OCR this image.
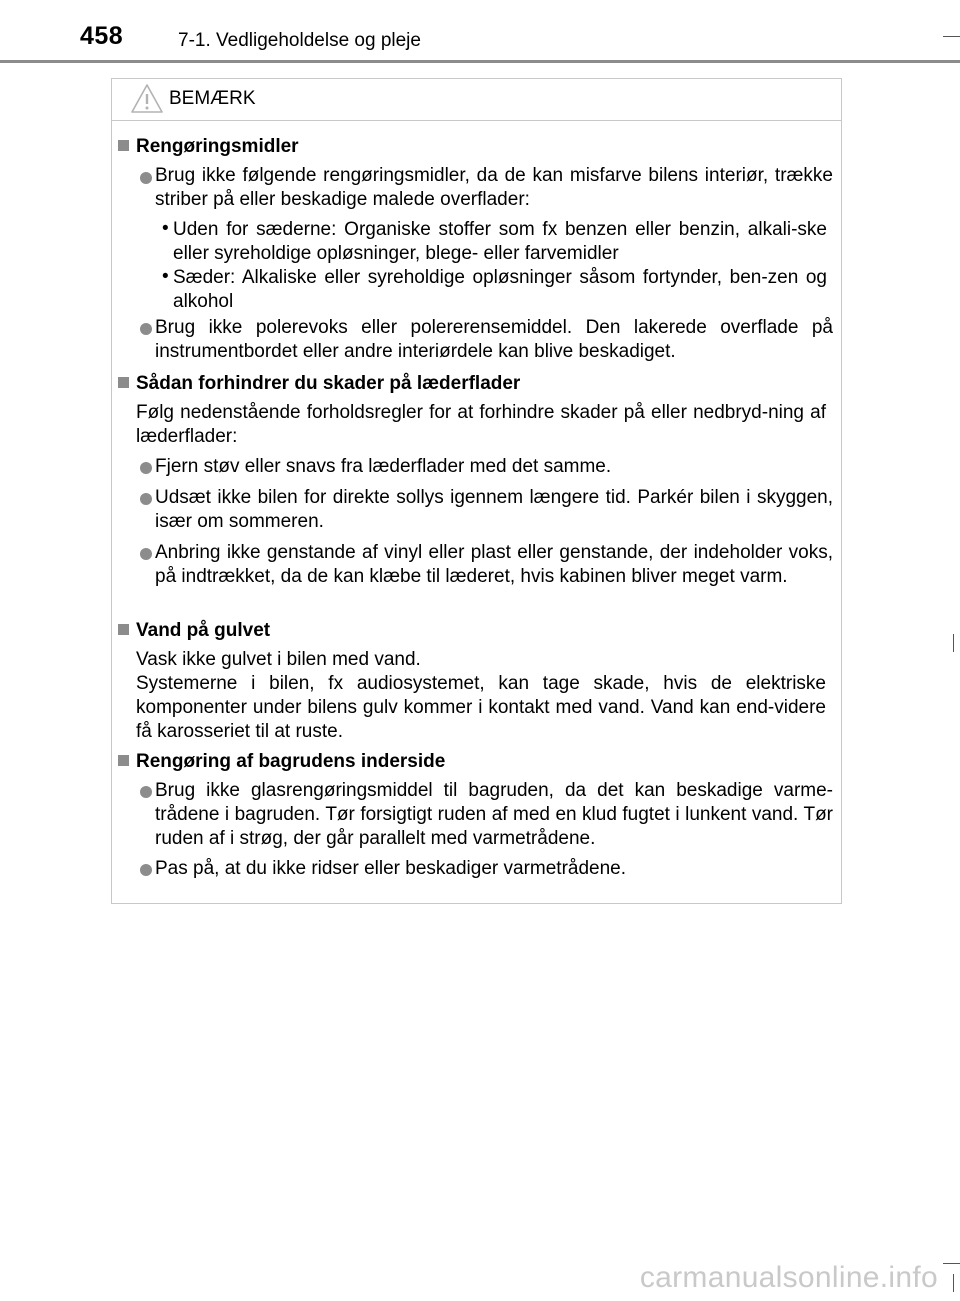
458	7-1. Vedligeholdelse og pleje
BEMÆRK
Rengøringsmidler
Brug ikke følgende rengøringsmidler, da de kan misfarve bilens interiør, trække striber på eller beskadige malede overflader:
• Uden for sæderne: Organiske stoffer som fx benzen eller benzin, alkali-ske eller syreholdige opløsninger, blege- eller farvemidler
• Sæder: Alkaliske eller syreholdige opløsninger såsom fortynder, ben-zen og alkohol
Brug ikke polerevoks eller polererensemiddel. Den lakerede overflade på instrumentbordet eller andre interiørdele kan blive beskadiget.
Sådan forhindrer du skader på læderflader
Følg nedenstående forholdsregler for at forhindre skader på eller nedbryd-ning af læderflader:
Fjern støv eller snavs fra læderflader med det samme.
Udsæt ikke bilen for direkte sollys igennem længere tid. Parkér bilen i skyggen, især om sommeren.
Anbring ikke genstande af vinyl eller plast eller genstande, der indeholder voks, på indtrækket, da de kan klæbe til læderet, hvis kabinen bliver meget varm.
Vand på gulvet
Vask ikke gulvet i bilen med vand.
Systemerne i bilen, fx audiosystemet, kan tage skade, hvis de elektriske komponenter under bilens gulv kommer i kontakt med vand. Vand kan end-videre få karosseriet til at ruste.
Rengøring af bagrudens inderside
Brug ikke glasrengøringsmiddel til bagruden, da det kan beskadige varme-trådene i bagruden. Tør forsigtigt ruden af med en klud fugtet i lunkent vand. Tør ruden af i strøg, der går parallelt med varmetrådene.
Pas på, at du ikke ridser eller beskadiger varmetrådene.
carmanualsonline.info
